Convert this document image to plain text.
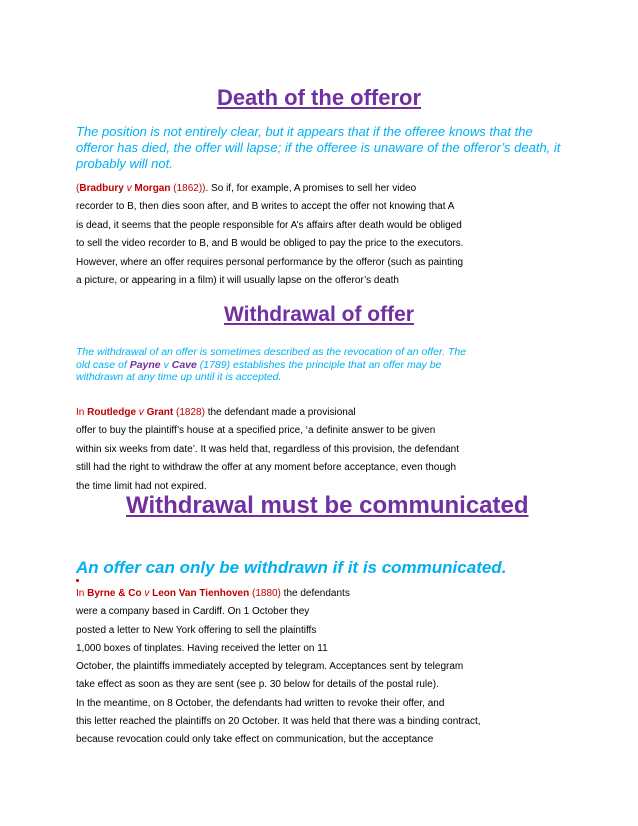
Death of the offeror

The position is not entirely clear, but it appears that if the offeree knows that the offeror has died, the offer will lapse; if the offeree is unaware of the offeror’s death, it probably will not.

(Bradbury v Morgan (1862)). So if, for example, A promises to sell her video
recorder to B, then dies soon after, and B writes to accept the offer not knowing that A
is dead, it seems that the people responsible for A’s affairs after death would be obliged
to sell the video recorder to B, and B would be obliged to pay the price to the executors.
However, where an offer requires personal performance by the offeror (such as painting
a picture, or appearing in a film) it will usually lapse on the offeror’s death
Withdrawal of offer

The withdrawal of an offer is sometimes described as the revocation of an offer. The old case of Payne v Cave (1789) establishes the principle that an offer may be withdrawn at any time up until it is accepted.

In Routledge v Grant (1828) the defendant made a provisional
offer to buy the plaintiff’s house at a specified price, ‘a definite answer to be given
within six weeks from date’. It was held that, regardless of this provision, the defendant
still had the right to withdraw the offer at any moment before acceptance, even though
the time limit had not expired.
Withdrawal must be communicated

An offer can only be withdrawn if it is communicated.

In Byrne & Co v Leon Van Tienhoven (1880) the defendants
were a company based in Cardiff. On 1 October they
posted a letter to New York offering to sell the plaintiffs
1,000 boxes of tinplates. Having received the letter on 11
October, the plaintiffs immediately accepted by telegram. Acceptances sent by telegram
take effect as soon as they are sent (see p. 30 below for details of the postal rule).
In the meantime, on 8 October, the defendants had written to revoke their offer, and
this letter reached the plaintiffs on 20 October. It was held that there was a binding contract,
because revocation could only take effect on communication, but the acceptance
